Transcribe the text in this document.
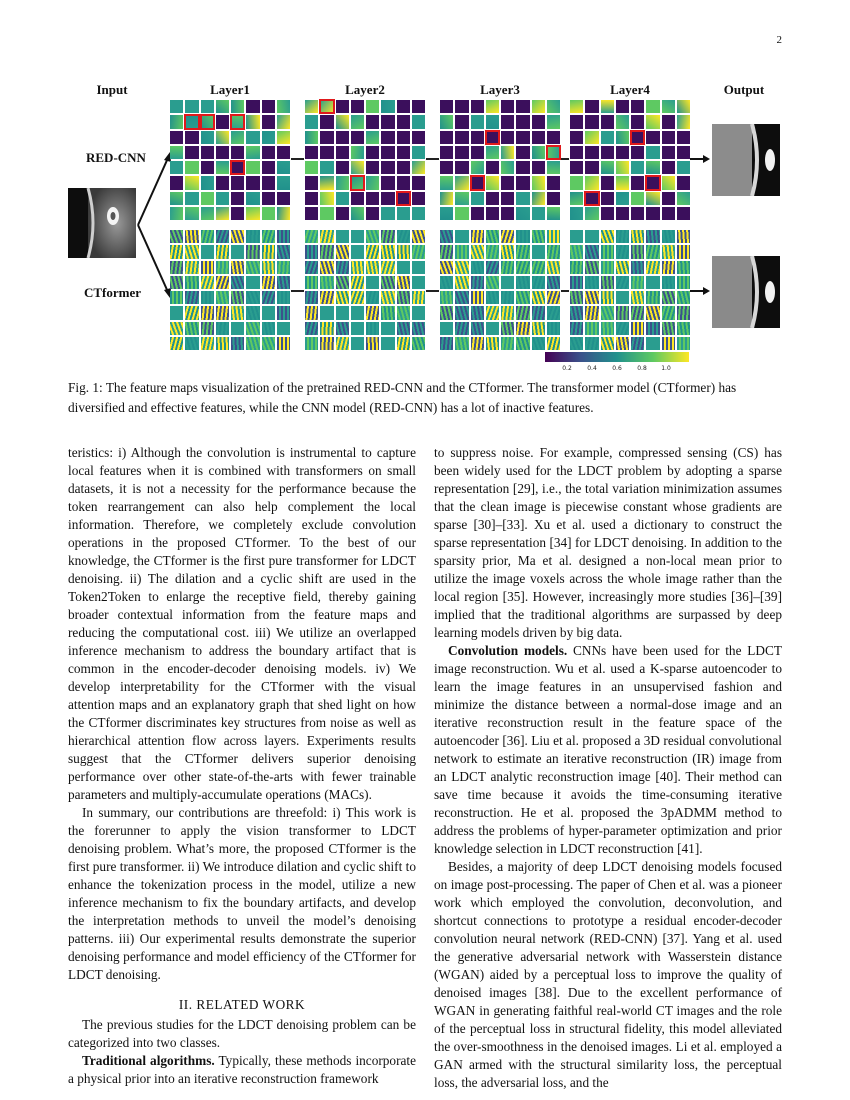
2
Input	Layer1	Layer2	Layer3	Layer4	Output
RED-CNN
CTformer
0.2	0.4	0.6	0.8 1.0
Fig. 1: The feature maps visualization of the pretrained RED-CNN and the CTformer. The transformer model (CTformer) has diversified and effective features, while the CNN model (RED-CNN) has a lot of inactive features.

teristics: i) Although the convolution is instrumental to capture local features when it is combined with transformers on small datasets, it is not a necessity for the performance because the token rearrangement can also help complement the local information. Therefore, we completely exclude convolution operations in the proposed CTformer. To the best of our knowledge, the CTformer is the first pure transformer for LDCT denoising. ii) The dilation and a cyclic shift are used in the Token2Token to enlarge the receptive field, thereby gaining broader contextual information from the feature maps and reducing the computational cost. iii) We utilize an overlapped inference mechanism to address the boundary artifact that is common in the encoder-decoder denoising models. iv) We develop interpretability for the CTformer with the visual attention maps and an explanatory graph that shed light on how the CTformer discriminates key structures from noise as well as hierarchical attention flow across layers. Experiments results suggest that the CTformer delivers superior denoising performance over other state-of-the-arts with fewer trainable parameters and multiply-accumulate operations (MACs).

In summary, our contributions are threefold: i) This work is the forerunner to apply the vision transformer to LDCT denoising problem. What’s more, the proposed CTformer is the first pure transformer. ii) We introduce dilation and cyclic shift to enhance the tokenization process in the model, utilize a new inference mechanism to fix the boundary artifacts, and develop the interpretation methods to unveil the model’s denoising patterns. iii) Our experimental results demonstrate the superior denoising performance and model efficiency of the CTformer for LDCT denoising.

II. RELATED WORK

The previous studies for the LDCT denoising problem can be categorized into two classes.

Traditional algorithms. Typically, these methods incorporate a physical prior into an iterative reconstruction framework

to suppress noise. For example, compressed sensing (CS) has been widely used for the LDCT problem by adopting a sparse representation [29], i.e., the total variation minimization assumes that the clean image is piecewise constant whose gradients are sparse [30]–[33]. Xu et al. used a dictionary to construct the sparse representation [34] for LDCT denoising. In addition to the sparsity prior, Ma et al. designed a non-local mean prior to utilize the image voxels across the whole image rather than the local region [35]. However, increasingly more studies [36]–[39] implied that the traditional algorithms are surpassed by deep learning models driven by big data.

Convolution models. CNNs have been used for the LDCT image reconstruction. Wu et al. used a K-sparse autoencoder to learn the image features in an unsupervised fashion and minimize the distance between a normal-dose image and an iterative reconstruction result in the feature space of the autoencoder [36]. Liu et al. proposed a 3D residual convolutional network to estimate an iterative reconstruction (IR) image from an LDCT analytic reconstruction image [40]. Their method can save time because it avoids the time-consuming iterative reconstruction. He et al. proposed the 3pADMM method to address the problems of hyper-parameter optimization and prior knowledge selection in LDCT reconstruction [41].

Besides, a majority of deep LDCT denoising models focused on image post-processing. The paper of Chen et al. was a pioneer work which employed the convolution, deconvolution, and shortcut connections to prototype a residual encoder-decoder convolution neural network (RED-CNN) [37]. Yang et al. used the generative adversarial network with Wasserstein distance (WGAN) aided by a perceptual loss to improve the quality of denoised images [38]. Due to the excellent performance of WGAN in generating faithful real-world CT images and the role of the perceptual loss in structural fidelity, this model alleviated the over-smoothness in the denoised images. Li et al. employed a GAN armed with the structural similarity loss, the perceptual loss, the adversarial loss, and the
